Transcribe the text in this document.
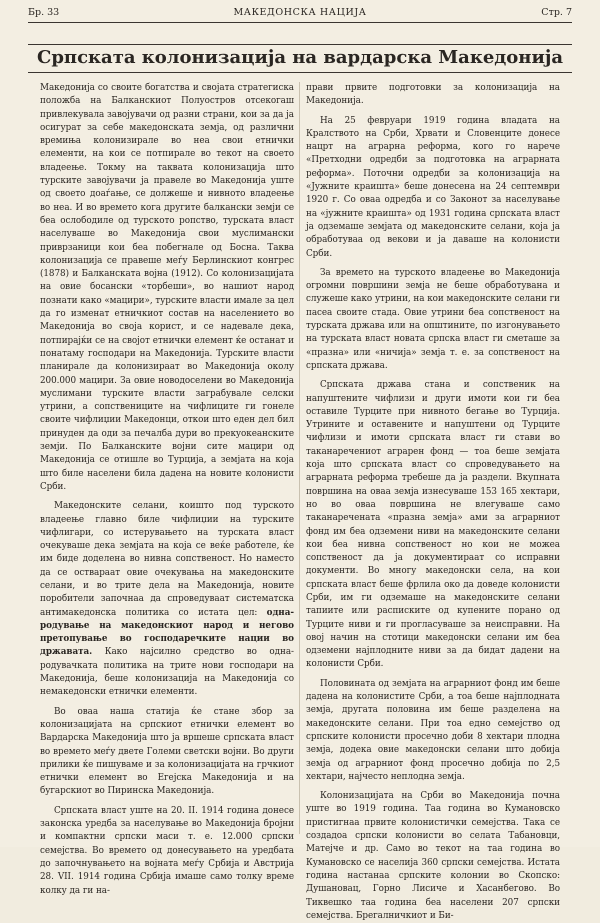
Бр. 33	МАКЕДОНСКА НАЦИЈА	Стр. 7
Српската колонизација на вардарска Македонија

Македонија со своите богатства и својата стратегиска положба на Балканскиот Полуостров отсекогаш привлекувала завојувачи од разни страни, кои за да ја осигурат за себе македонската земја, од различни времиња колонизирале во неа свои етнички елементи, на кои се потпирале во текот на своето владеење. Токму на таквата колонизација што турските завојувачи ја правеле во Македонија уште од своето доаѓање, се должеше и нивното владеење во неа. И во времето кога другите балкански земји се беа ослободиле од турското ропство, турската власт населуваше во Македонија свои муслимански приврзаници кои беа побегнале од Босна. Таква колонизација се правеше меѓу Берлинскиот конгрес (1878) и Балканската војна (1912). Со колонизацијата на овие босански «торбеши», во нашиот народ познати како «мацири», турските власти имале за цел да го изменат етничкиот состав на населението во Македонија во своја корист, и се надевале дека, потпирајќи се на својот етнички елемент ќе останат и понатаму господари на Македонија. Турските власти планирале да колонизираат во Македонија околу 200.000 мацири. За овие новодоселени во Македонија муслимани турските власти заграбувале селски утрини, а сопствениците на чифлиците ги гонеле своите чифлиџии Македонци, откои што еден дел бил принуден да оди за печалба дури во прекуокеанските земји. По Балканските војни сите мацири од Македонија се отишле во Турција, а земјата на која што биле населени била дадена на новите колонисти Срби.

Македонските селани, коишто под турското владеење главно биле чифлиџии на турските чифлигари, со истерувањето на турската власт очекуваше дека земјата на која се веќе работеле, ќе им биде доделена во нивна сопственост. Но наместо да се оствараат овие очекувања на македонските селани, и во трите дела на Македонија, новите поробители започнаа да спроведуваат систематска антимакедонска политика со истата цел: однародување на македонскиот народ и негово претопување во господаречките нации во државата. Како најсилно средство во однародувачката политика на трите нови господари на Македонија, беше колонизација на Македонија со немакедонски етнички елементи.

Во оваа наша статија ќе стане збор за колонизацијата на српскиот етнички елемент во Вардарска Македонија што ја вршеше српската власт во времето меѓу двете Големи светски војни. Во други прилики ќе пишуваме и за колонизацијата на грчкиот етнички елемент во Егејска Македонија и на бугарскиот во Пиринска Македонија.

Српската власт уште на 20. II. 1914 година донесе законска уредба за населување во Македонија бројни и компактни српски маси т. е. 12.000 српски семејства. Во времето од донесувањето на уредбата до започнувањето на војната меѓу Србија и Австрија 28. VII. 1914 година Србија имаше само толку време колку да ги на-

прави првите подготовки за колонизација на Македонија.

На 25 февруари 1919 година владата на Кралството на Срби, Хрвати и Словенците донесе нацрт на аграрна реформа, кого го нарече «Претходни одредби за подготовка на аграрната реформа». Поточни одредби за колонизација на «Јужните краишта» беше донесена на 24 септември 1920 г. Со оваа одредба и со Законот за населување на «јужните краишта» од 1931 година српската власт ја одземаше земјата од македонските селани, која ја обработуваа од векови и ја даваше на колонисти Срби.

За времето на турското владеење во Македонија огромни површини земја не беше обработувана и служеше како утрини, на кои македонските селани ги пасеа своите стада. Овие утрини беа сопственост на турската држава или на општините, по изгонувањето на турската власт новата српска власт ги сметаше за «празна» или «ничија» земја т. е. за сопственост на српската држава.

Српската држава стана и сопственик на напуштените чифлизи и други имоти кои ги беа оставиле Турците при нивното бегање во Турција. Утрините и оставените и напуштени од Турците чифлизи и имоти српската власт ги стави во таканаречениот аграрен фонд — тоа беше земјата која што српската власт со спроведувањето на аграрната реформа требеше да ја раздели. Вкупната површина на оваа земја изнесуваше 153 165 хектари, но во оваа површина не влегуваше само таканаречената «празна земја» ами за аграрниот фонд им беа одземени ниви на македонските селани кои беа нивна сопственост но кои не можеа сопственост да ја документираат со исправни документи. Во многу македонски села, на кои српската власт беше фрлила око да доведе колонисти Срби, им ги одземаше на македонските селани тапиите или расписките од купените порано од Турците ниви и ги прогласуваше за неисправни. На овој начин на стотици македонски селани им беа одземени најплодните ниви за да бидат дадени на колонисти Срби.

Половината од земјата на аграрниот фонд им беше дадена на колонистите Срби, а тоа беше најплодната земја, другата половина им беше разделена на македонските селани. При тоа едно семејство од српските колонисти просечно доби 8 хектари плодна земја, додека овие македонски селани што добија земја од аграрниот фонд просечно добија по 2,5 хектари, најчесто неплодна земја.

Колонизацијата на Срби во Македонија почна уште во 1919 година. Таа година во Кумановско пристигнаа првите колонистички семејства. Така се создадоа српски колонисти во селата Табановци, Матејче и др. Само во текот на таа година во Кумановско се населија 360 српски семејства. Истата година настанаа српските колонии во Скопско: Душановац, Горно Лисиче и Хасанбегово. Во Тиквешко таа година беа населени 207 српски семејства. Брегалничкиот и Би-
